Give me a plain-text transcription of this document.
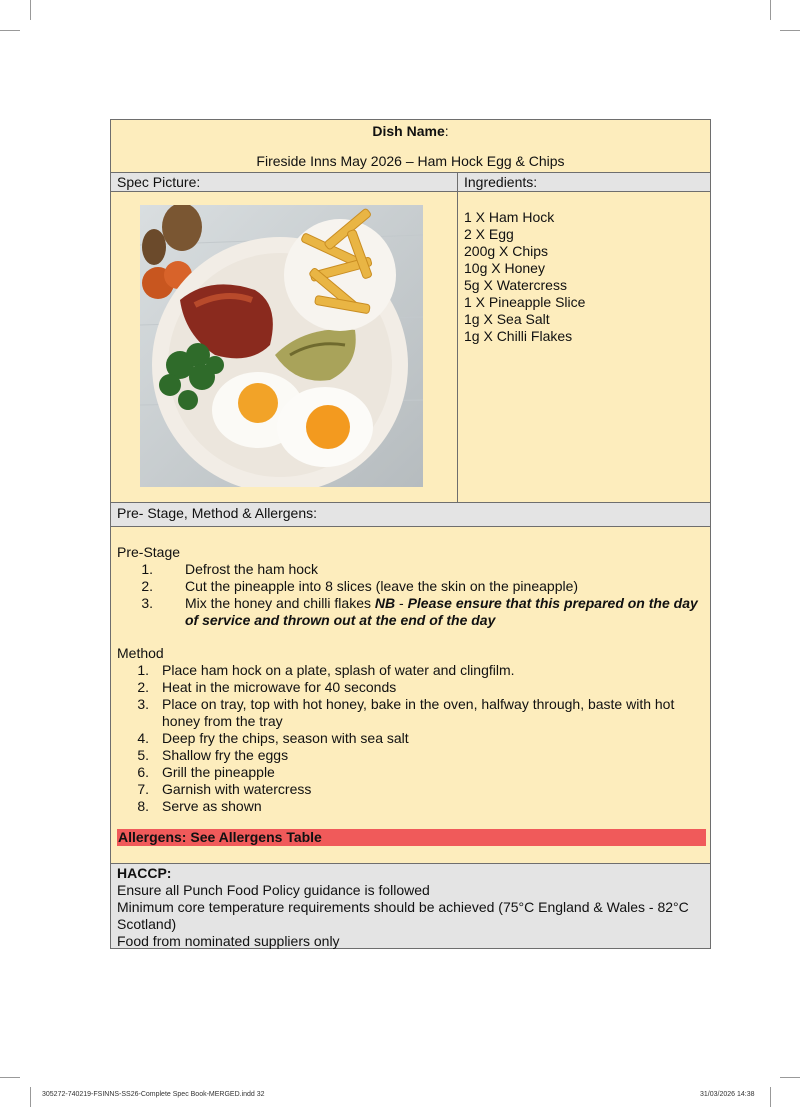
Dish Name:
Fireside Inns May 2026 – Ham Hock Egg & Chips
Spec Picture:	Ingredients:
1 X Ham Hock
2 X Egg
200g X Chips
10g X Honey
5g X Watercress
1 X Pineapple Slice
1g X Sea Salt
1g X Chilli Flakes
Pre- Stage, Method & Allergens:
Pre-Stage
1. Defrost the ham hock
2. Cut the pineapple into 8 slices (leave the skin on the pineapple)
3. Mix the honey and chilli flakes NB - Please ensure that this prepared on the day of service and thrown out at the end of the day
Method
1. Place ham hock on a plate, splash of water and clingfilm.
2. Heat in the microwave for 40 seconds
3. Place on tray, top with hot honey, bake in the oven, halfway through, baste with hot honey from the tray
4. Deep fry the chips, season with sea salt
5. Shallow fry the eggs
6. Grill the pineapple
7. Garnish with watercress
8. Serve as shown
Allergens: See Allergens Table
HACCP:
Ensure all Punch Food Policy guidance is followed
Minimum core temperature requirements should be achieved (75°C England & Wales - 82°C Scotland)
Food from nominated suppliers only
305272-740219-FSINNS-SS26-Complete Spec Book-MERGED.indd 32	31/03/2026 14:38
